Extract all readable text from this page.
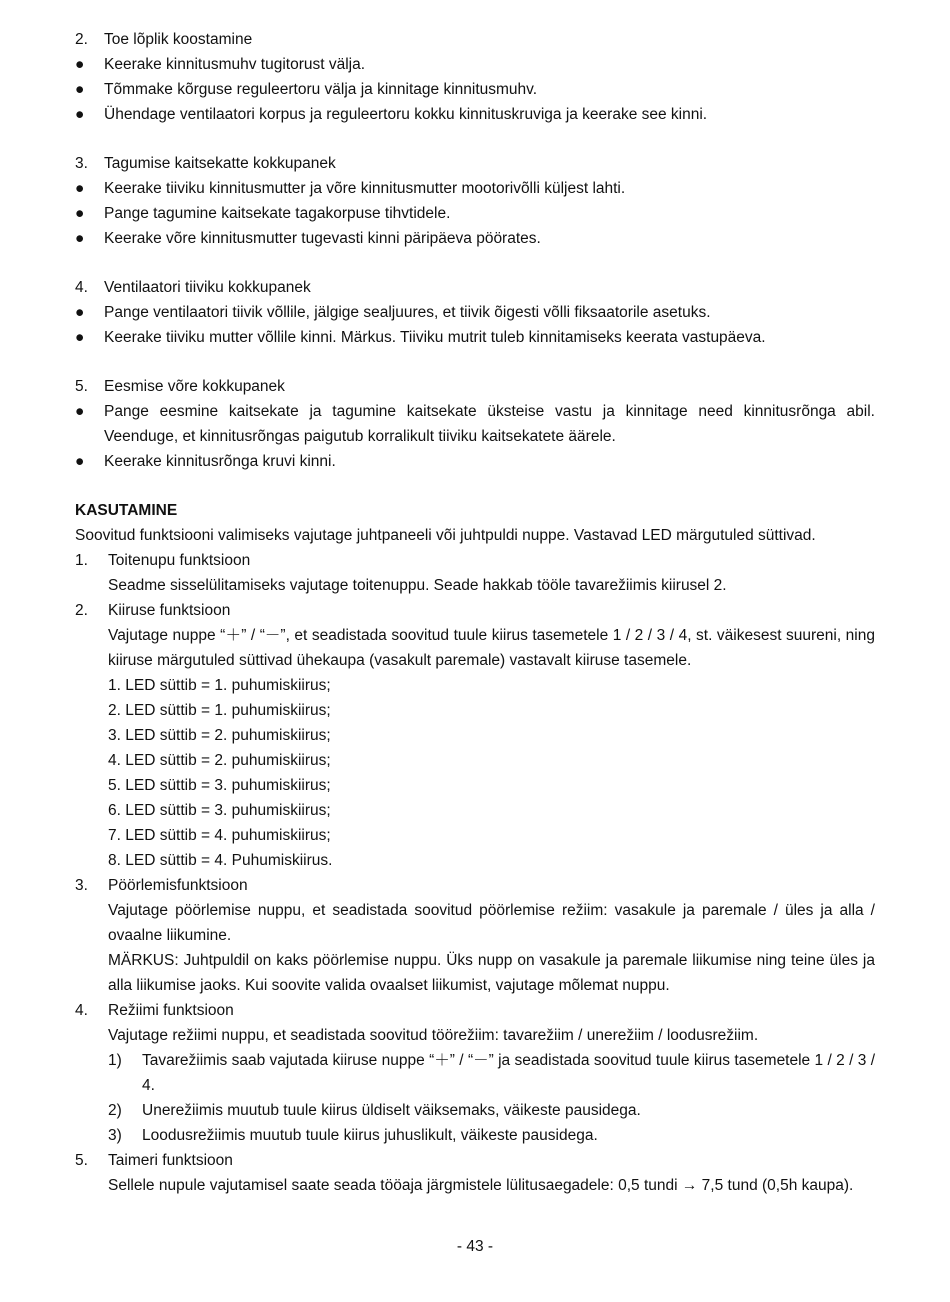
2.	Toe lõplik koostamine
●	Keerake kinnitusmuhv tugitorust välja.
●	Tõmmake kõrguse reguleertoru välja ja kinnitage kinnitusmuhv.
●	Ühendage ventilaatori korpus ja reguleertoru kokku kinnituskruviga ja keerake see kinni.
3.	Tagumise kaitsekatte kokkupanek
●	Keerake tiiviku kinnitusmutter ja võre kinnitusmutter mootorivõlli küljest lahti.
●	Pange tagumine kaitsekate tagakorpuse tihvtidele.
●	Keerake võre kinnitusmutter tugevasti kinni päripäeva pöörates.
4.	Ventilaatori tiiviku kokkupanek
●	Pange ventilaatori tiivik võllile, jälgige sealjuures, et tiivik õigesti võlli fiksaatorile asetuks.
●	Keerake tiiviku mutter võllile kinni. Märkus. Tiiviku mutrit tuleb kinnitamiseks keerata vastupäeva.
5.	Eesmise võre kokkupanek
●	Pange eesmine kaitsekate ja tagumine kaitsekate üksteise vastu ja kinnitage need kinnitusrõnga abil. Veenduge, et kinnitusrõngas paigutub korralikult tiiviku kaitsekatete äärele.
●	Keerake kinnitusrõnga kruvi kinni.
KASUTAMINE
Soovitud funktsiooni valimiseks vajutage juhtpaneeli või juhtpuldi nuppe. Vastavad LED märgutuled süttivad.
1. Toitenupu funktsioon
Seadme sisselülitamiseks vajutage toitenuppu. Seade hakkab tööle tavarežiimis kiirusel 2.
2. Kiiruse funktsioon
Vajutage nuppe “＋” / “－”, et seadistada soovitud tuule kiirus tasemetele 1 / 2 / 3 / 4, st. väikesest suureni, ning kiiruse märgutuled süttivad ühekaupa (vasakult paremale) vastavalt kiiruse tasemele.
1. LED süttib = 1. puhumiskiirus;
2. LED süttib = 1. puhumiskiirus;
3. LED süttib = 2. puhumiskiirus;
4. LED süttib = 2. puhumiskiirus;
5. LED süttib = 3. puhumiskiirus;
6. LED süttib = 3. puhumiskiirus;
7. LED süttib = 4. puhumiskiirus;
8. LED süttib = 4. Puhumiskiirus.
3. Pöörlemisfunktsioon
Vajutage pöörlemise nuppu, et seadistada soovitud pöörlemise režiim: vasakule ja paremale / üles ja alla / ovaalne liikumine.
MÄRKUS: Juhtpuldil on kaks pöörlemise nuppu. Üks nupp on vasakule ja paremale liikumise ning teine üles ja alla liikumise jaoks. Kui soovite valida ovaalset liikumist, vajutage mõlemat nuppu.
4. Režiimi funktsioon
Vajutage režiimi nuppu, et seadistada soovitud töörežiim: tavarežiim / unerežiim / loodusrežiim.
1) Tavarežiimis saab vajutada kiiruse nuppe “＋” / “－” ja seadistada soovitud tuule kiirus tasemetele 1 / 2 / 3 / 4.
2) Unerežiimis muutub tuule kiirus üldiselt väiksemaks, väikeste pausidega.
3) Loodusrežiimis muutub tuule kiirus juhuslikult, väikeste pausidega.
5. Taimeri funktsioon
Sellele nupule vajutamisel saate seada tööaja järgmistele lülitusaegadele: 0,5 tundi → 7,5 tund (0,5h kaupa).
- 43 -
